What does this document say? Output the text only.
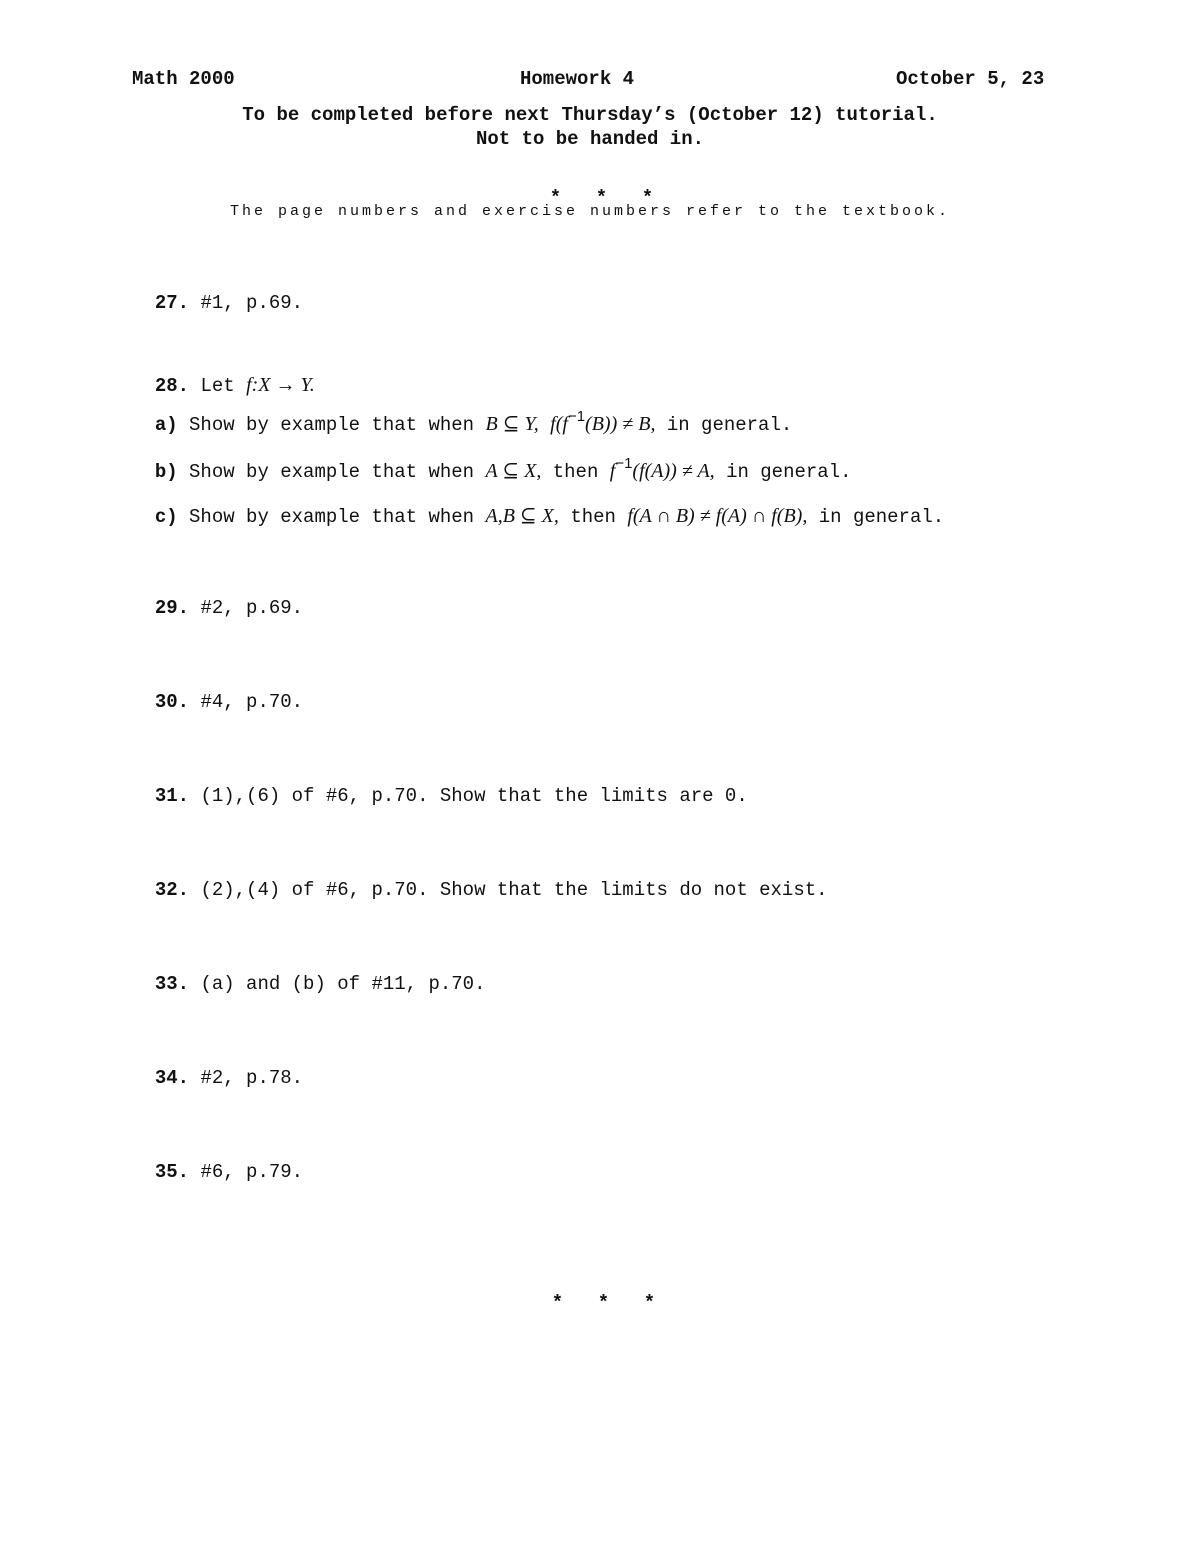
Math 2000	Homework 4	October 5, 23
To be completed before next Thursday’s (October 12) tutorial.
Not to be handed in.

* * *

The page numbers and exercise numbers refer to the textbook.

27. #1, p.69.

28. Let f:X → Y.

a) Show by example that when B ⊆ Y, $f(f^{-1}(B)) \ne B$, in general.

b) Show by example that when A ⊆ X, then $f^{-1}(f(A)) \ne A$, in general.

c) Show by example that when A,B ⊆ X, then f(A ∩ B) ≠ f(A) ∩ f(B), in general.

29. #2, p.69.

30. #4, p.70.

31. (1),(6) of #6, p.70. Show that the limits are 0.

32. (2),(4) of #6, p.70. Show that the limits do not exist.

33. (a) and (b) of #11, p.70.

34. #2, p.78.

35. #6, p.79.

* * *
